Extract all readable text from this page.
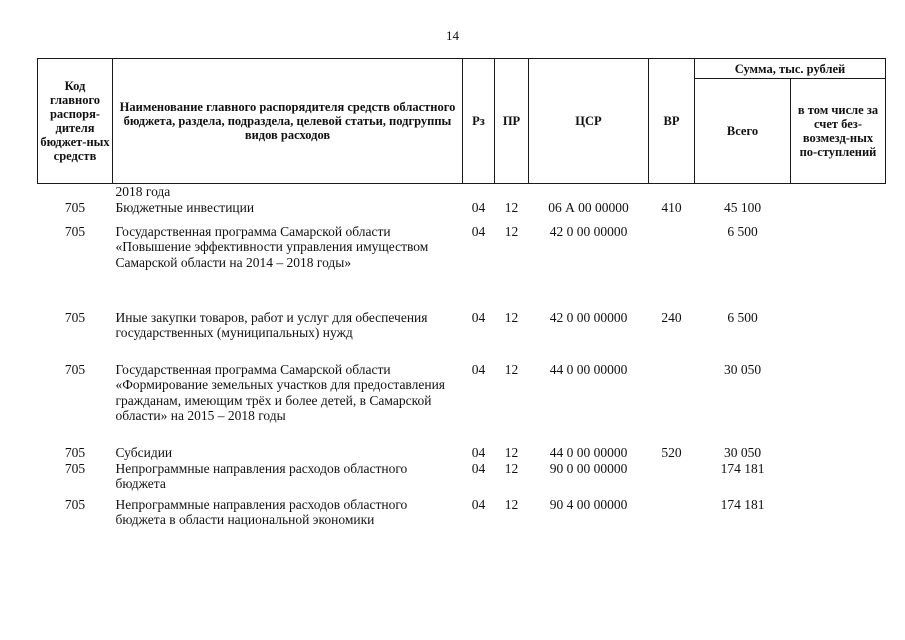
14
Код главного распоря-дителя бюджет-ных средств	Наименование главного распорядителя средств областного бюджета, раздела, подраздела, целевой статьи, подгруппы видов расходов	Рз	ПР	ЦСР	ВР	Сумма, тыс. рублей	
						Всего	в том числе за счет без-возмезд-ных по-ступлений
	2018 года						
705	Бюджетные инвестиции	04	12	06 А 00 00000	410	45 100	
705	Государственная программа Самарской области «Повышение эффективности управления имуществом Самарской области на 2014 – 2018 годы»	04	12	42 0 00 00000		6 500	
705	Иные закупки товаров, работ и услуг для обеспечения государственных (муниципальных) нужд	04	12	42 0 00 00000	240	6 500	
705	Государственная программа Самарской области «Формирование земельных участков для предоставления гражданам, имеющим трёх и более детей, в Самарской области» на 2015 – 2018 годы	04	12	44 0 00 00000		30 050	
705	Субсидии	04	12	44 0 00 00000	520	30 050	
705	Непрограммные направления расходов областного бюджета	04	12	90 0 00 00000		174 181	
705	Непрограммные направления расходов областного бюджета в области национальной экономики	04	12	90 4 00 00000		174 181	
